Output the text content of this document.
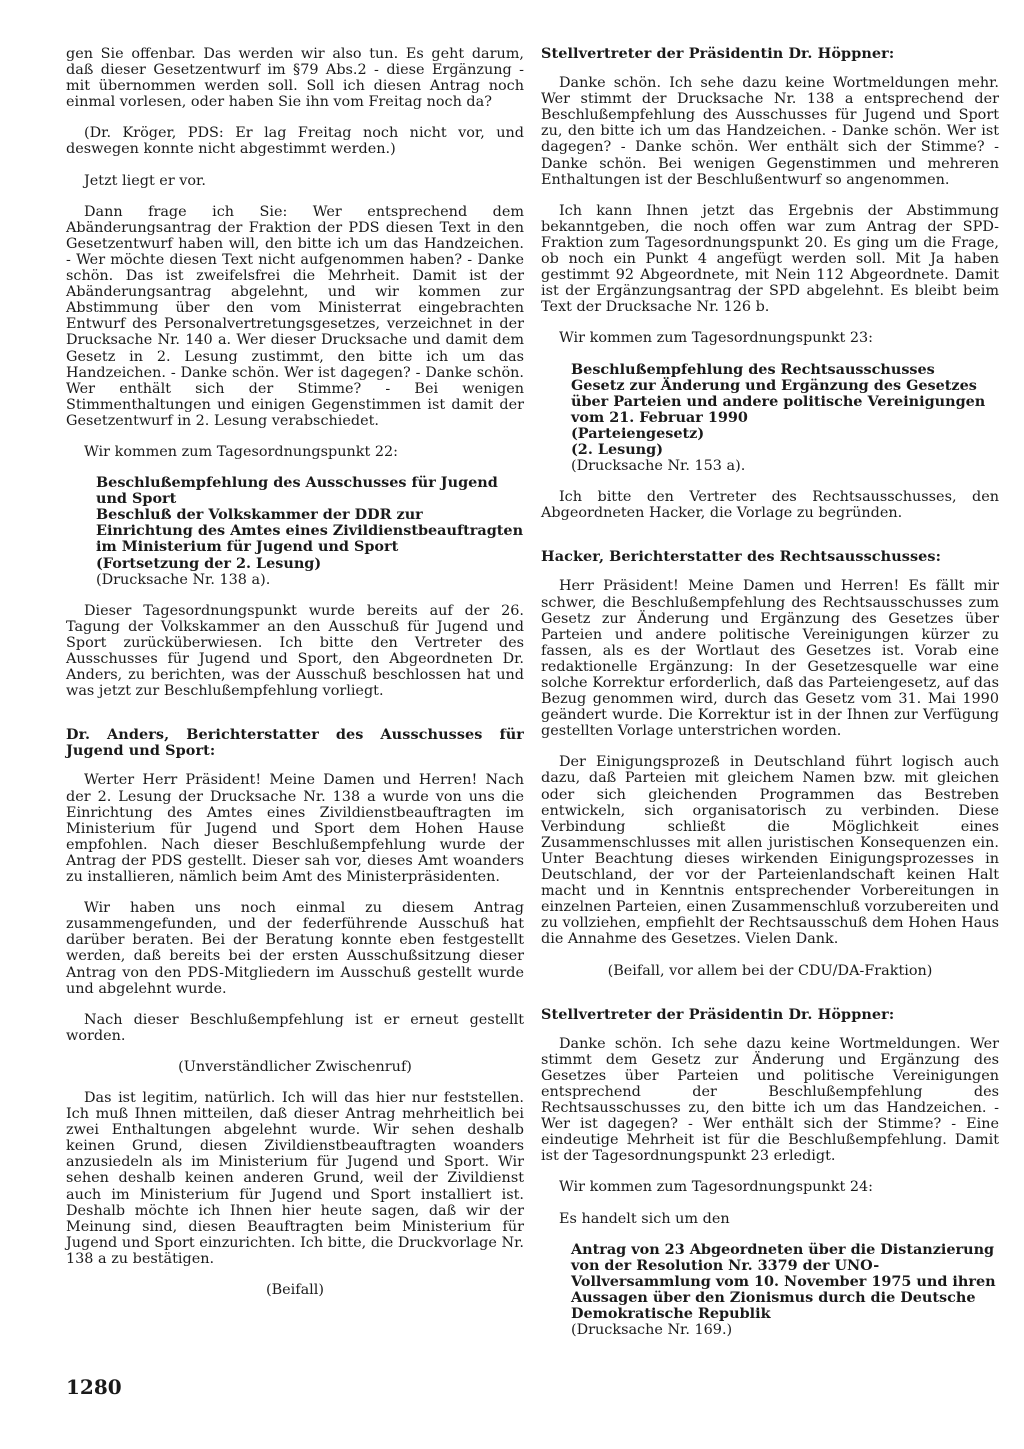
gen Sie offenbar. Das werden wir also tun. Es geht darum, daß dieser Gesetzentwurf im §79 Abs.2 - diese Ergänzung - mit übernommen werden soll. Soll ich diesen Antrag noch einmal vorlesen, oder haben Sie ihn vom Freitag noch da?

(Dr. Kröger, PDS: Er lag Freitag noch nicht vor, und deswegen konnte nicht abgestimmt werden.)

Jetzt liegt er vor.

Dann frage ich Sie: Wer entsprechend dem Abänderungsantrag der Fraktion der PDS diesen Text in den Gesetzentwurf haben will, den bitte ich um das Handzeichen. - Wer möchte diesen Text nicht aufgenommen haben? - Danke schön. Das ist zweifelsfrei die Mehrheit. Damit ist der Abänderungsantrag abgelehnt, und wir kommen zur Abstimmung über den vom Ministerrat eingebrachten Entwurf des Personalvertretungsgesetzes, verzeichnet in der Drucksache Nr. 140 a. Wer dieser Drucksache und damit dem Gesetz in 2. Lesung zustimmt, den bitte ich um das Handzeichen. - Danke schön. Wer ist dagegen? - Danke schön. Wer enthält sich der Stimme? - Bei wenigen Stimmenthaltungen und einigen Gegenstimmen ist damit der Gesetzentwurf in 2. Lesung verabschiedet.

Wir kommen zum Tagesordnungspunkt 22:

Beschlußempfehlung des Ausschusses für Jugend und Sport
Beschluß der Volkskammer der DDR zur Einrichtung des Amtes eines Zivildienstbeauftragten im Ministerium für Jugend und Sport
(Fortsetzung der 2. Lesung)
(Drucksache Nr. 138 a).

Dieser Tagesordnungspunkt wurde bereits auf der 26. Tagung der Volkskammer an den Ausschuß für Jugend und Sport zurücküberwiesen. Ich bitte den Vertreter des Ausschusses für Jugend und Sport, den Abgeordneten Dr. Anders, zu berichten, was der Ausschuß beschlossen hat und was jetzt zur Beschlußempfehlung vorliegt.

Dr. Anders, Berichterstatter des Ausschusses für Jugend und Sport:

Werter Herr Präsident! Meine Damen und Herren! Nach der 2. Lesung der Drucksache Nr. 138 a wurde von uns die Einrichtung des Amtes eines Zivildienstbeauftragten im Ministerium für Jugend und Sport dem Hohen Hause empfohlen. Nach dieser Beschlußempfehlung wurde der Antrag der PDS gestellt. Dieser sah vor, dieses Amt woanders zu installieren, nämlich beim Amt des Ministerpräsidenten.

Wir haben uns noch einmal zu diesem Antrag zusammengefunden, und der federführende Ausschuß hat darüber beraten. Bei der Beratung konnte eben festgestellt werden, daß bereits bei der ersten Ausschußsitzung dieser Antrag von den PDS-Mitgliedern im Ausschuß gestellt wurde und abgelehnt wurde.

Nach dieser Beschlußempfehlung ist er erneut gestellt worden.

(Unverständlicher Zwischenruf)

Das ist legitim, natürlich. Ich will das hier nur feststellen. Ich muß Ihnen mitteilen, daß dieser Antrag mehrheitlich bei zwei Enthaltungen abgelehnt wurde. Wir sehen deshalb keinen Grund, diesen Zivildienstbeauftragten woanders anzusiedeln als im Ministerium für Jugend und Sport. Wir sehen deshalb keinen anderen Grund, weil der Zivildienst auch im Ministerium für Jugend und Sport installiert ist. Deshalb möchte ich Ihnen hier heute sagen, daß wir der Meinung sind, diesen Beauftragten beim Ministerium für Jugend und Sport einzurichten. Ich bitte, die Druckvorlage Nr. 138 a zu bestätigen.

(Beifall)

Stellvertreter der Präsidentin Dr. Höppner:

Danke schön. Ich sehe dazu keine Wortmeldungen mehr. Wer stimmt der Drucksache Nr. 138 a entsprechend der Beschlußempfehlung des Ausschusses für Jugend und Sport zu, den bitte ich um das Handzeichen. - Danke schön. Wer ist dagegen? - Danke schön. Wer enthält sich der Stimme? - Danke schön. Bei wenigen Gegenstimmen und mehreren Enthaltungen ist der Beschlußentwurf so angenommen.

Ich kann Ihnen jetzt das Ergebnis der Abstimmung bekanntgeben, die noch offen war zum Antrag der SPD-Fraktion zum Tagesordnungspunkt 20. Es ging um die Frage, ob noch ein Punkt 4 angefügt werden soll. Mit Ja haben gestimmt 92 Abgeordnete, mit Nein 112 Abgeordnete. Damit ist der Ergänzungsantrag der SPD abgelehnt. Es bleibt beim Text der Drucksache Nr. 126 b.

Wir kommen zum Tagesordnungspunkt 23:

Beschlußempfehlung des Rechtsausschusses
Gesetz zur Änderung und Ergänzung des Gesetzes über Parteien und andere politische Vereinigungen vom 21. Februar 1990
(Parteiengesetz)
(2. Lesung)
(Drucksache Nr. 153 a).

Ich bitte den Vertreter des Rechtsausschusses, den Abgeordneten Hacker, die Vorlage zu begründen.

Hacker, Berichterstatter des Rechtsausschusses:

Herr Präsident! Meine Damen und Herren! Es fällt mir schwer, die Beschlußempfehlung des Rechtsausschusses zum Gesetz zur Änderung und Ergänzung des Gesetzes über Parteien und andere politische Vereinigungen kürzer zu fassen, als es der Wortlaut des Gesetzes ist. Vorab eine redaktionelle Ergänzung: In der Gesetzesquelle war eine solche Korrektur erforderlich, daß das Parteiengesetz, auf das Bezug genommen wird, durch das Gesetz vom 31. Mai 1990 geändert wurde. Die Korrektur ist in der Ihnen zur Verfügung gestellten Vorlage unterstrichen worden.

Der Einigungsprozeß in Deutschland führt logisch auch dazu, daß Parteien mit gleichem Namen bzw. mit gleichen oder sich gleichenden Programmen das Bestreben entwickeln, sich organisatorisch zu verbinden. Diese Verbindung schließt die Möglichkeit eines Zusammenschlusses mit allen juristischen Konsequenzen ein. Unter Beachtung dieses wirkenden Einigungsprozesses in Deutschland, der vor der Parteienlandschaft keinen Halt macht und in Kenntnis entsprechender Vorbereitungen in einzelnen Parteien, einen Zusammenschluß vorzubereiten und zu vollziehen, empfiehlt der Rechtsausschuß dem Hohen Haus die Annahme des Gesetzes. Vielen Dank.

(Beifall, vor allem bei der CDU/DA-Fraktion)

Stellvertreter der Präsidentin Dr. Höppner:

Danke schön. Ich sehe dazu keine Wortmeldungen. Wer stimmt dem Gesetz zur Änderung und Ergänzung des Gesetzes über Parteien und politische Vereinigungen entsprechend der Beschlußempfehlung des Rechtsausschusses zu, den bitte ich um das Handzeichen. - Wer ist dagegen? - Wer enthält sich der Stimme? - Eine eindeutige Mehrheit ist für die Beschlußempfehlung. Damit ist der Tagesordnungspunkt 23 erledigt.

Wir kommen zum Tagesordnungspunkt 24:

Es handelt sich um den

Antrag von 23 Abgeordneten über die Distanzierung von der Resolution Nr. 3379 der UNO-Vollversammlung vom 10. November 1975 und ihren Aussagen über den Zionismus durch die Deutsche Demokratische Republik
(Drucksache Nr. 169.)
1280
